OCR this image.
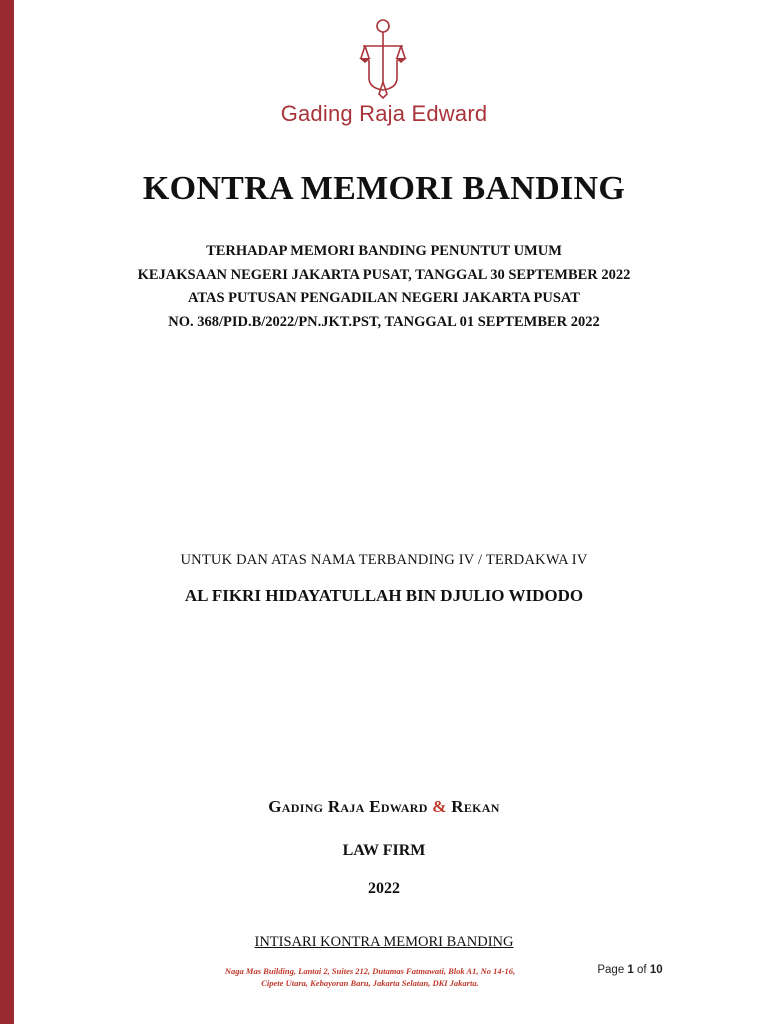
Gading Raja Edward
KONTRA MEMORI BANDING
TERHADAP MEMORI BANDING PENUNTUT UMUM
KEJAKSAAN NEGERI JAKARTA PUSAT, TANGGAL 30 SEPTEMBER 2022
ATAS PUTUSAN PENGADILAN NEGERI JAKARTA PUSAT
NO. 368/PID.B/2022/PN.JKT.PST, TANGGAL 01 SEPTEMBER 2022
UNTUK DAN ATAS NAMA TERBANDING IV / TERDAKWA IV
AL FIKRI HIDAYATULLAH BIN DJULIO WIDODO
Gading Raja Edward & Rekan
LAW FIRM
2022
INTISARI KONTRA MEMORI BANDING
Naga Mas Building, Lantai 2, Suites 212, Dutamas Fatmawati, Blok A1, No 14-16,
Cipete Utara, Kebayoran Baru, Jakarta Selatan, DKI Jakarta.
Page 1 of 10
